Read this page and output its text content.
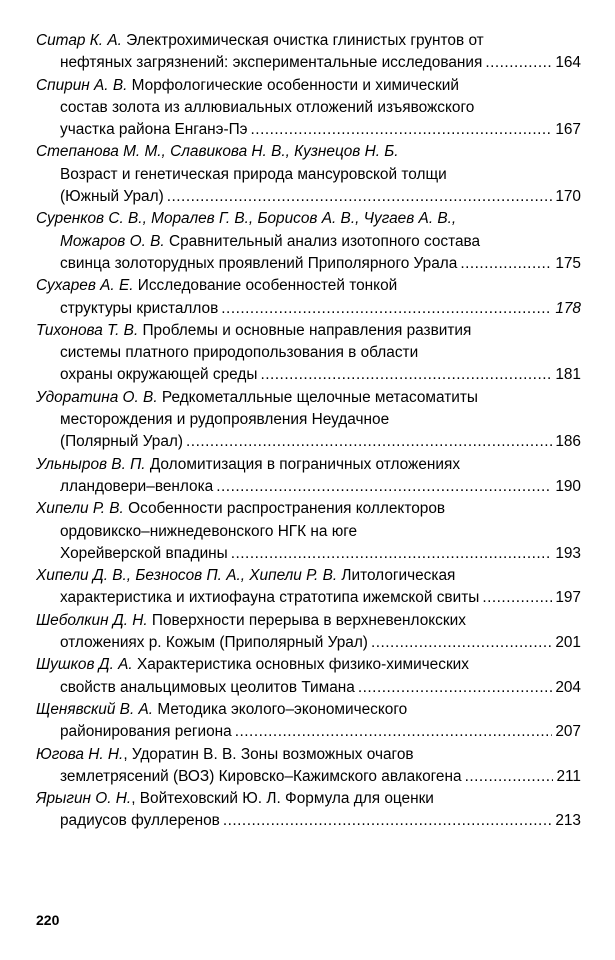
Ситар К. А. Электрохимическая очистка глинистых грунтов от
нефтяных загрязнений: экспериментальные исследования .....	164
Спирин А. В. Морфологические особенности и химический
состав золота из аллювиальных отложений изъявожского
участка района Енганэ-Пэ .....	167
Степанова М. М., Славикова Н. В., Кузнецов Н. Б.
Возраст и генетическая природа мансуровской толщи
(Южный Урал) .....	170
Суренков С. В., Моралев Г. В., Борисов А. В., Чугаев А. В.,
Можаров О. В. Сравнительный анализ изотопного состава
свинца золоторудных проявлений Приполярного Урала .....	175
Сухарев А. Е. Исследование особенностей тонкой
структуры кристаллов .....	178
Тихонова Т. В. Проблемы и основные направления развития
системы платного природопользования в области
охраны окружающей среды .....	181
Удоратина О. В. Редкометалльные щелочные метасоматиты
месторождения и рудопроявления Неудачное
(Полярный Урал) .....	186
Ульныров В. П. Доломитизация в пограничных отложениях
лландовери–венлока .....	190
Хипели Р. В. Особенности распространения коллекторов
ордовикско–нижнедевонского НГК на юге
Хорейверской впадины .....	193
Хипели Д. В., Безносов П. А., Хипели Р. В. Литологическая
характеристика и ихтиофауна стратотипа ижемской свиты .....	197
Шеболкин Д. Н. Поверхности перерыва в верхневенлокских
отложениях р. Кожым (Приполярный Урал) .....	201
Шушков Д. А. Характеристика основных физико-химических
свойств анальцимовых цеолитов Тимана .....	204
Щенявский В. А. Методика эколого–экономического
районирования региона .....	207
Югова Н. Н., Удоратин В. В. Зоны возможных очагов
землетрясений (ВОЗ) Кировско–Кажимского авлакогена .....	211
Ярыгин О. Н., Войтеховский Ю. Л. Формула для оценки
радиусов фуллеренов .....	213
220
